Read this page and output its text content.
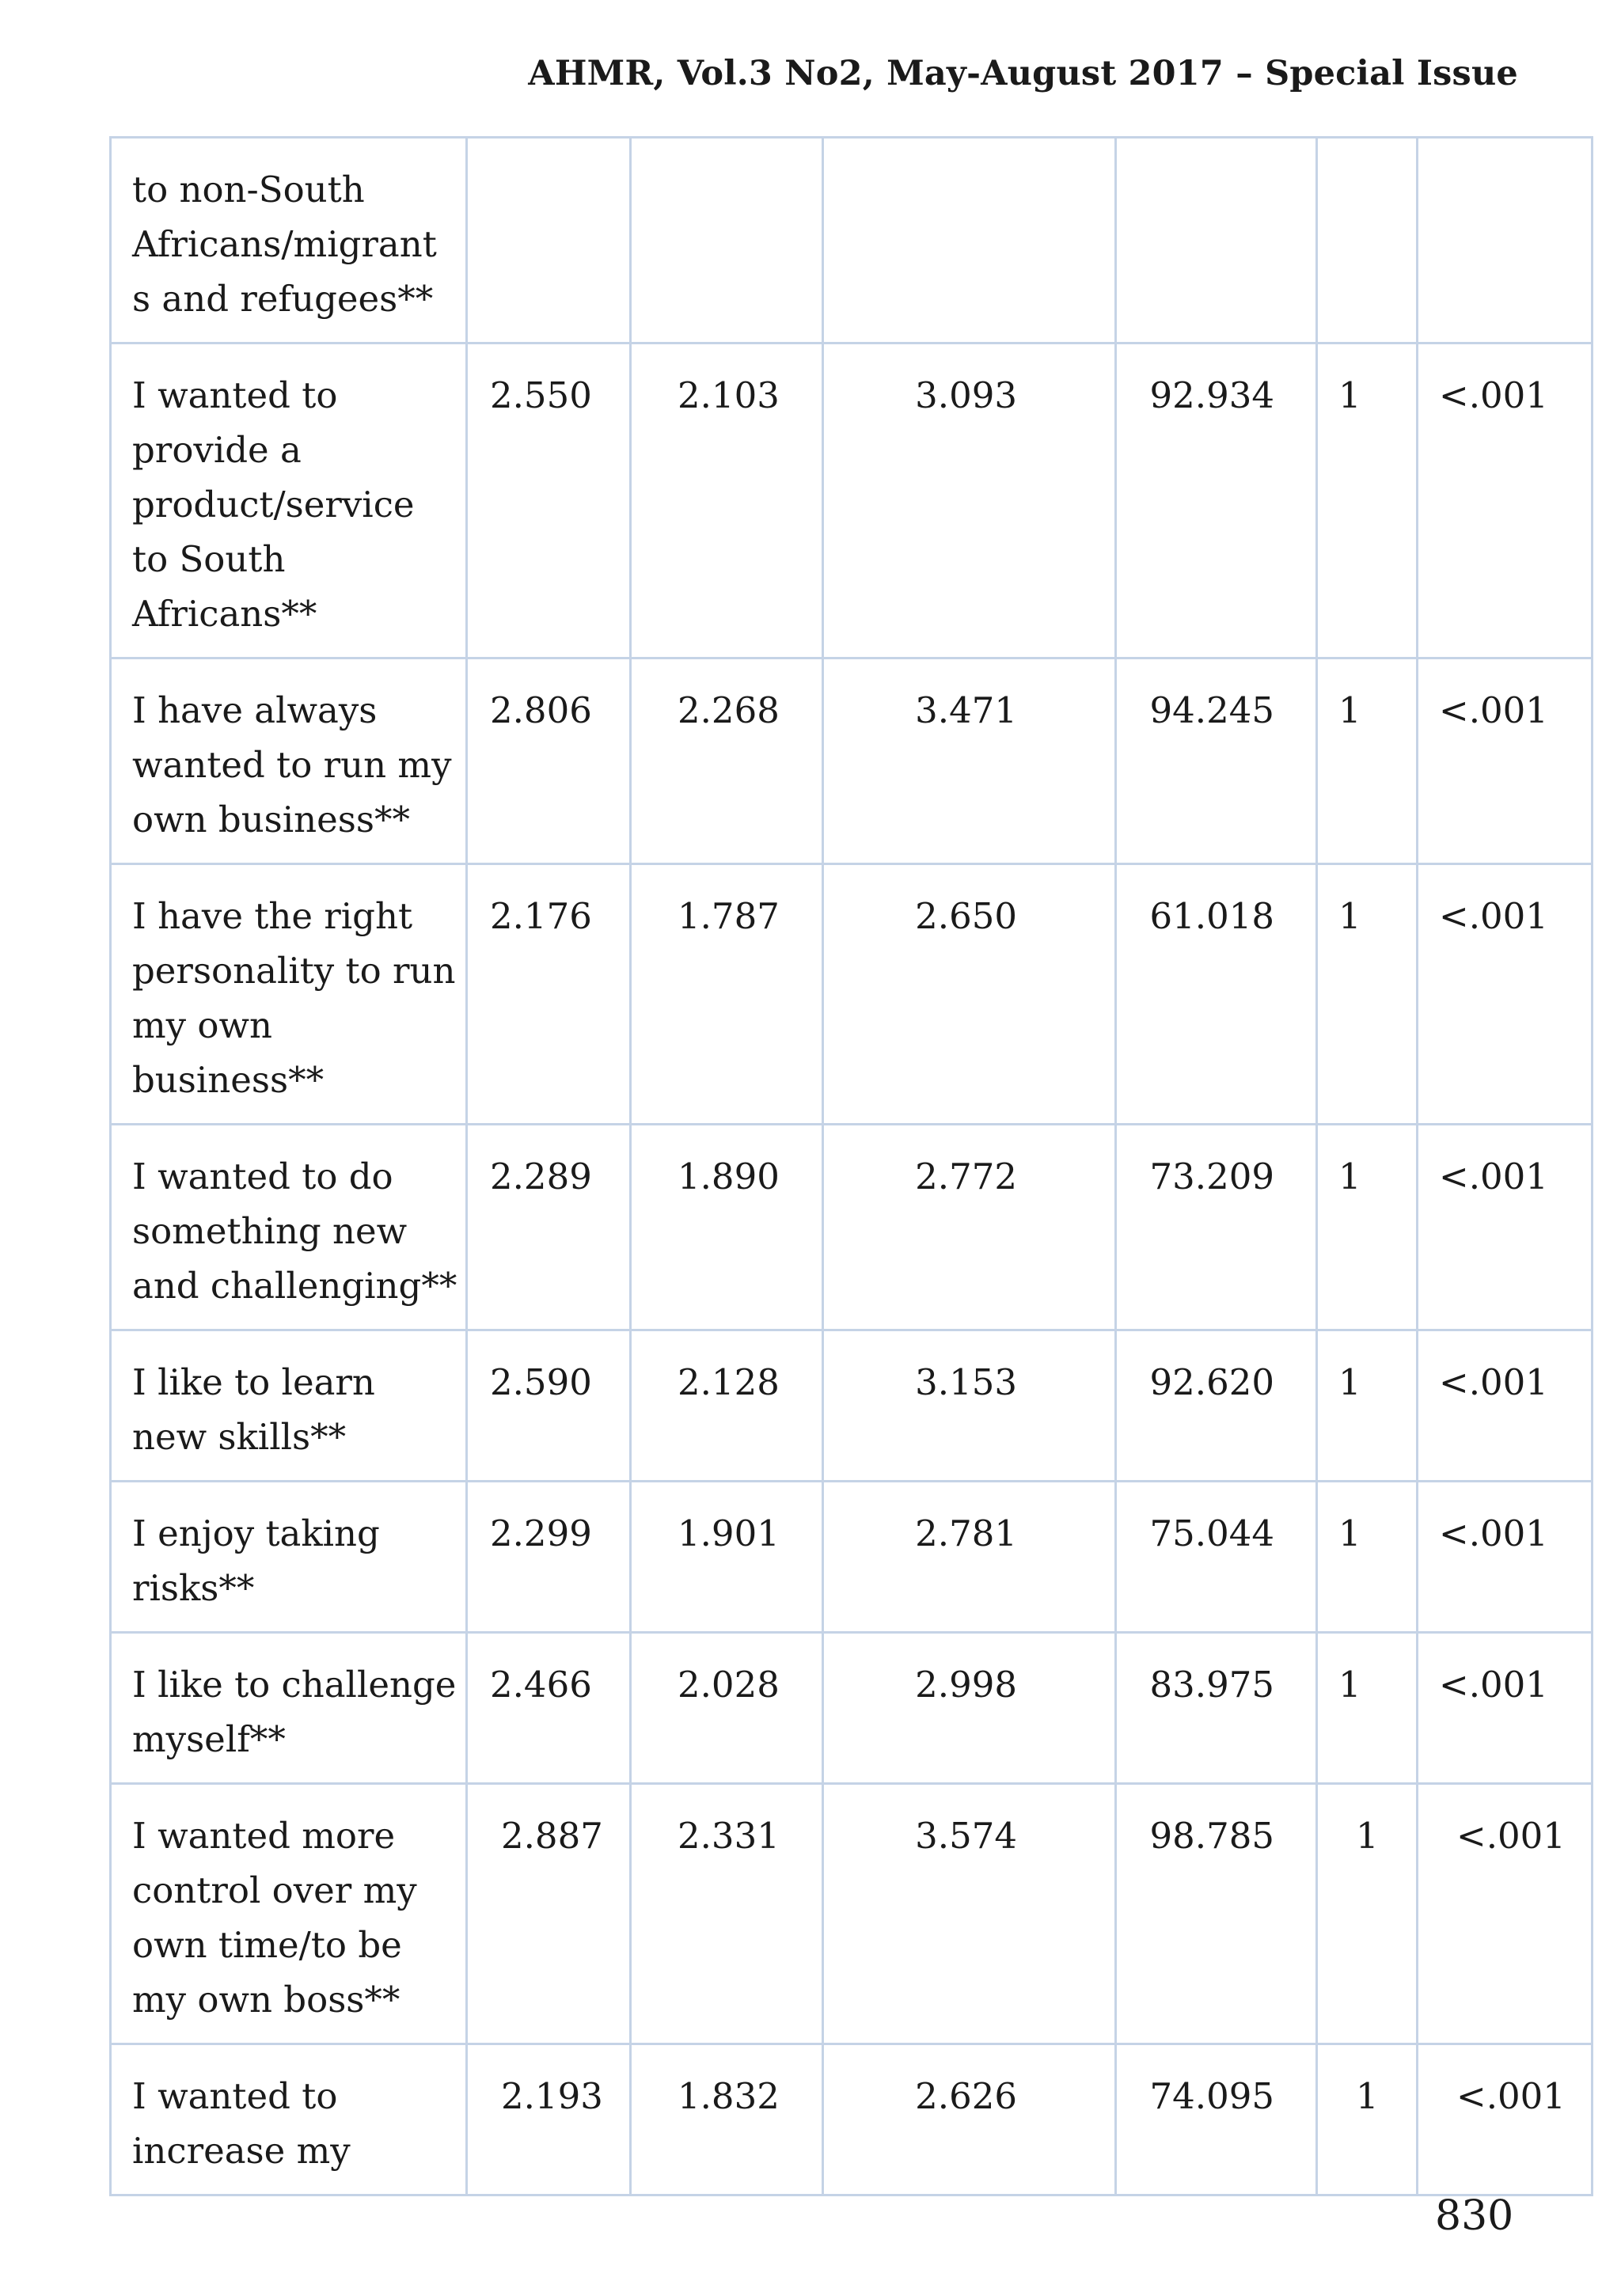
AHMR, Vol.3 No2, May-August 2017 – Special Issue
to non-South Africans/migrant s and refugees**						
I wanted to provide a product/service to South Africans**	2.550	2.103	3.093	92.934	1	<.001
I have always wanted to run my own business**	2.806	2.268	3.471	94.245	1	<.001
I have the right personality to run my own business**	2.176	1.787	2.650	61.018	1	<.001
I wanted to do something new and challenging**	2.289	1.890	2.772	73.209	1	<.001
I like to learn new skills**	2.590	2.128	3.153	92.620	1	<.001
I enjoy taking risks**	2.299	1.901	2.781	75.044	1	<.001
I like to challenge myself**	2.466	2.028	2.998	83.975	1	<.001
I wanted more control over my own time/to be my own boss**	2.887	2.331	3.574	98.785	1	<.001
I wanted to increase my	2.193	1.832	2.626	74.095	1	<.001
830
